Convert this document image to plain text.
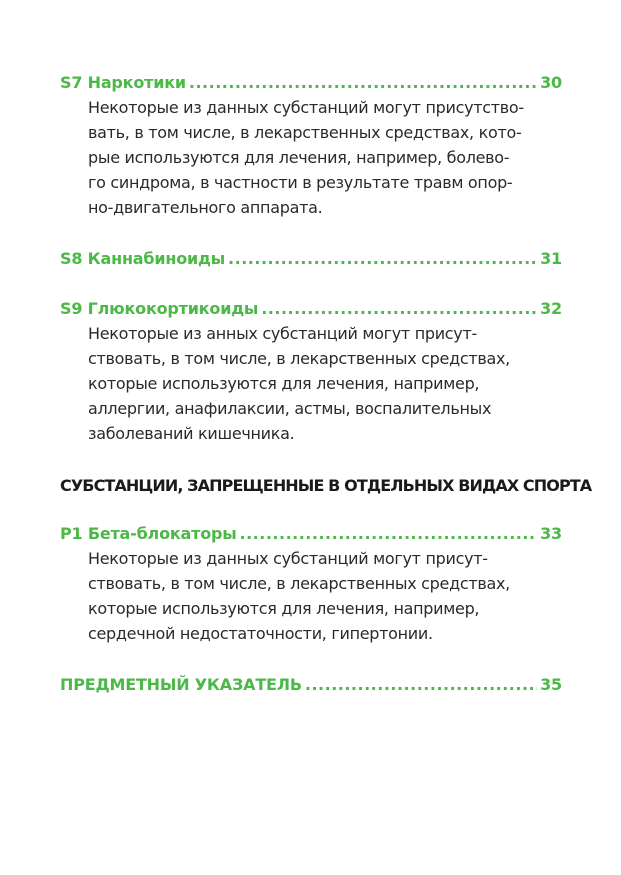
S7 Наркотики .....	30

Некоторые из данных субстанций могут присутство-

вать, в том числе, в лекарственных средствах, кото-

рые используются для лечения, например, болево-

го синдрома, в частности в результате травм опор-

но-двигательного аппарата.

S8 Каннабиноиды .....	31
S9 Глюкокортикоиды .....	32

Некоторые из анных субстанций могут присут-

ствовать, в том числе, в лекарственных средствах,

которые используются для лечения, например,

аллергии, анафилаксии, астмы, воспалительных

заболеваний кишечника.

СУБСТАНЦИИ, ЗАПРЕЩЕННЫЕ В ОТДЕЛЬНЫХ ВИДАХ СПОРТА
P1 Бета-блокаторы .....	33

Некоторые из данных субстанций могут присут-

ствовать, в том числе, в лекарственных средствах,

которые используются для лечения, например,

сердечной недостаточности, гипертонии.

ПРЕДМЕТНЫЙ УКАЗАТЕЛЬ .....	35
